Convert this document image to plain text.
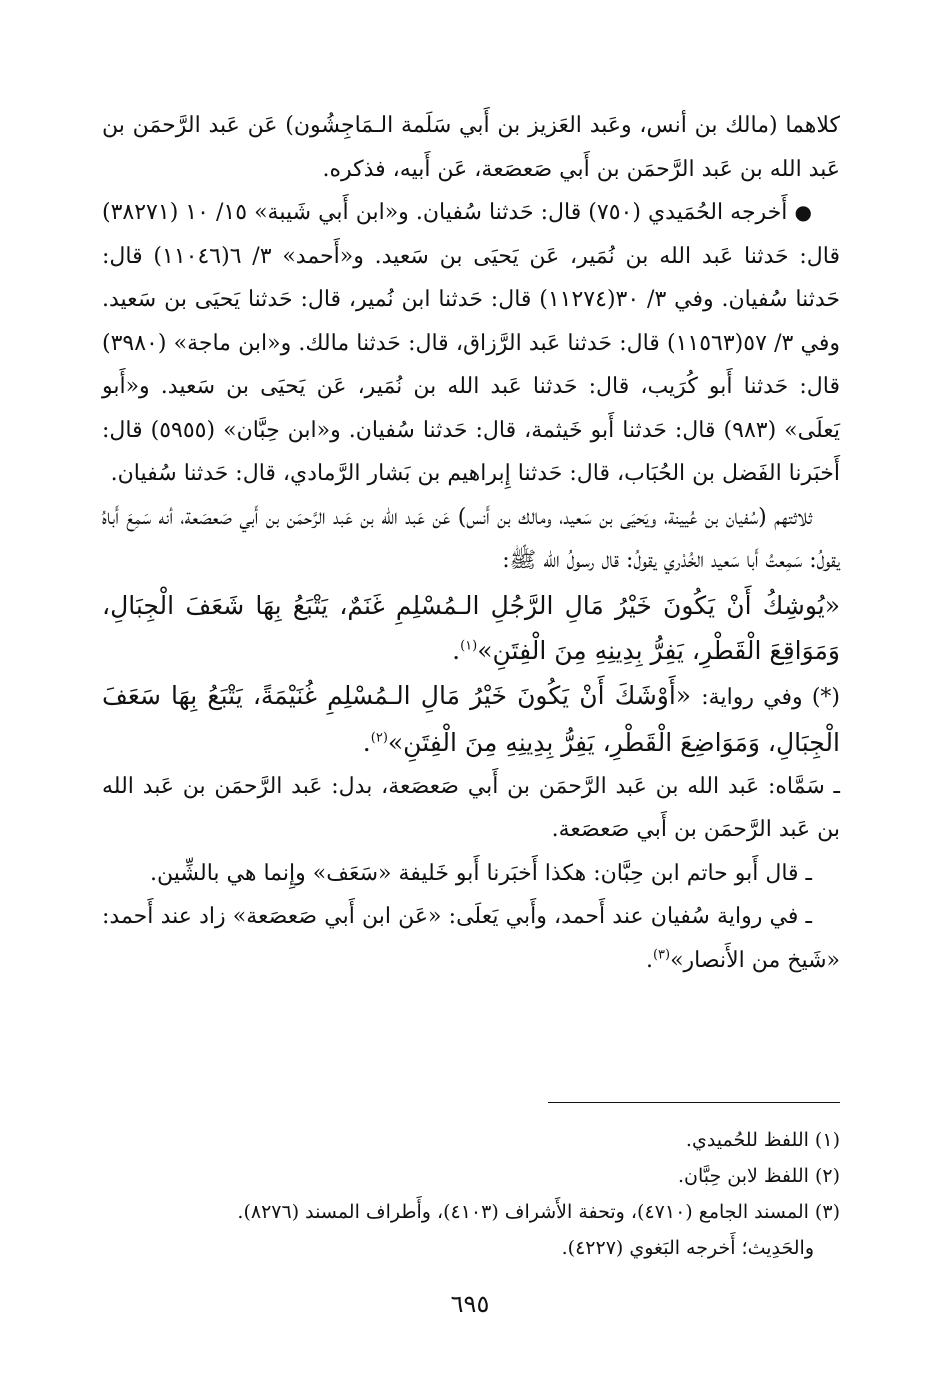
كلاهما (مالك بن أنس، وعَبد العَزيز بن أَبي سَلَمة الـمَاجِشُون) عَن عَبد الرَّحمَن بن عَبد الله بن عَبد الرَّحمَن بن أَبي صَعصَعة، عَن أَبيه، فذكره.

● أَخرجه الحُمَيدي (٧٥٠) قال: حَدثنا سُفيان. و«ابن أَبي شَيبة» ١٥/ ١٠ (٣٨٢٧١) قال: حَدثنا عَبد الله بن نُمَير، عَن يَحيَى بن سَعيد. و«أَحمد» ٣/ ٦(١١٠٤٦) قال: حَدثنا سُفيان. وفي ٣/ ٣٠(١١٢٧٤) قال: حَدثنا ابن نُمير، قال: حَدثنا يَحيَى بن سَعيد. وفي ٣/ ٥٧(١١٥٦٣) قال: حَدثنا عَبد الرَّزاق، قال: حَدثنا مالك. و«ابن ماجة» (٣٩٨٠) قال: حَدثنا أَبو كُرَيب، قال: حَدثنا عَبد الله بن نُمَير، عَن يَحيَى بن سَعيد. و«أَبو يَعلَى» (٩٨٣) قال: حَدثنا أَبو خَيثمة، قال: حَدثنا سُفيان. و«ابن حِبَّان» (٥٩٥٥) قال: أَخبَرنا الفَضل بن الحُبَاب، قال: حَدثنا إِبراهيم بن بَشار الرَّمادي، قال: حَدثنا سُفيان.

ثلاثتهم (سُفيان بن عُيينة، ويَحيَى بن سَعيد، ومالك بن أَنس) عَن عَبد الله بن عَبد الرَّحمَن بن أَبي صَعصَعة، أنه سَمِعَ أَباهُ يقولُ: سَمِعتُ أَبا سَعيد الخُدْري يقولُ: قال رسولُ الله ﷺ:

«يُوشِكُ أَنْ يَكُونَ خَيْرُ مَالِ الرَّجُلِ الـمُسْلِمِ غَنَمٌ، يَتْبَعُ بِهَا شَعَفَ الْجِبَالِ، وَمَوَاقِعَ الْقَطْرِ، يَفِرُّ بِدِينِهِ مِنَ الْفِتَنِ»$^{(١)}$.

(*) وفي رواية: «أَوْشَكَ أَنْ يَكُونَ خَيْرُ مَالِ الـمُسْلِمِ غُنَيْمَةً، يَتْبَعُ بِهَا سَعَفَ الْجِبَالِ، وَمَوَاضِعَ الْقَطْرِ، يَفِرُّ بِدِينِهِ مِنَ الْفِتَنِ»$^{(٢)}$.

ـ سَمَّاه: عَبد الله بن عَبد الرَّحمَن بن أَبي صَعصَعة، بدل: عَبد الرَّحمَن بن عَبد الله بن عَبد الرَّحمَن بن أَبي صَعصَعة.

ـ قال أَبو حاتم ابن حِبَّان: هكذا أَخبَرنا أَبو خَليفة «سَعَف» وإِنما هي بالشِّين.

ـ في رواية سُفيان عند أَحمد، وأَبي يَعلَى: «عَن ابن أَبي صَعصَعة» زاد عند أَحمد: «شَيخ من الأَنصار»$^{(٣)}$.

(١) اللفظ للحُميدي.

(٢) اللفظ لابن حِبَّان.

(٣) المسند الجامع (٤٧١٠)، وتحفة الأَشراف (٤١٠٣)، وأَطراف المسند (٨٢٧٦).

والحَدِيث؛ أَخرجه البَغوي (٤٢٢٧).

٦٩٥
